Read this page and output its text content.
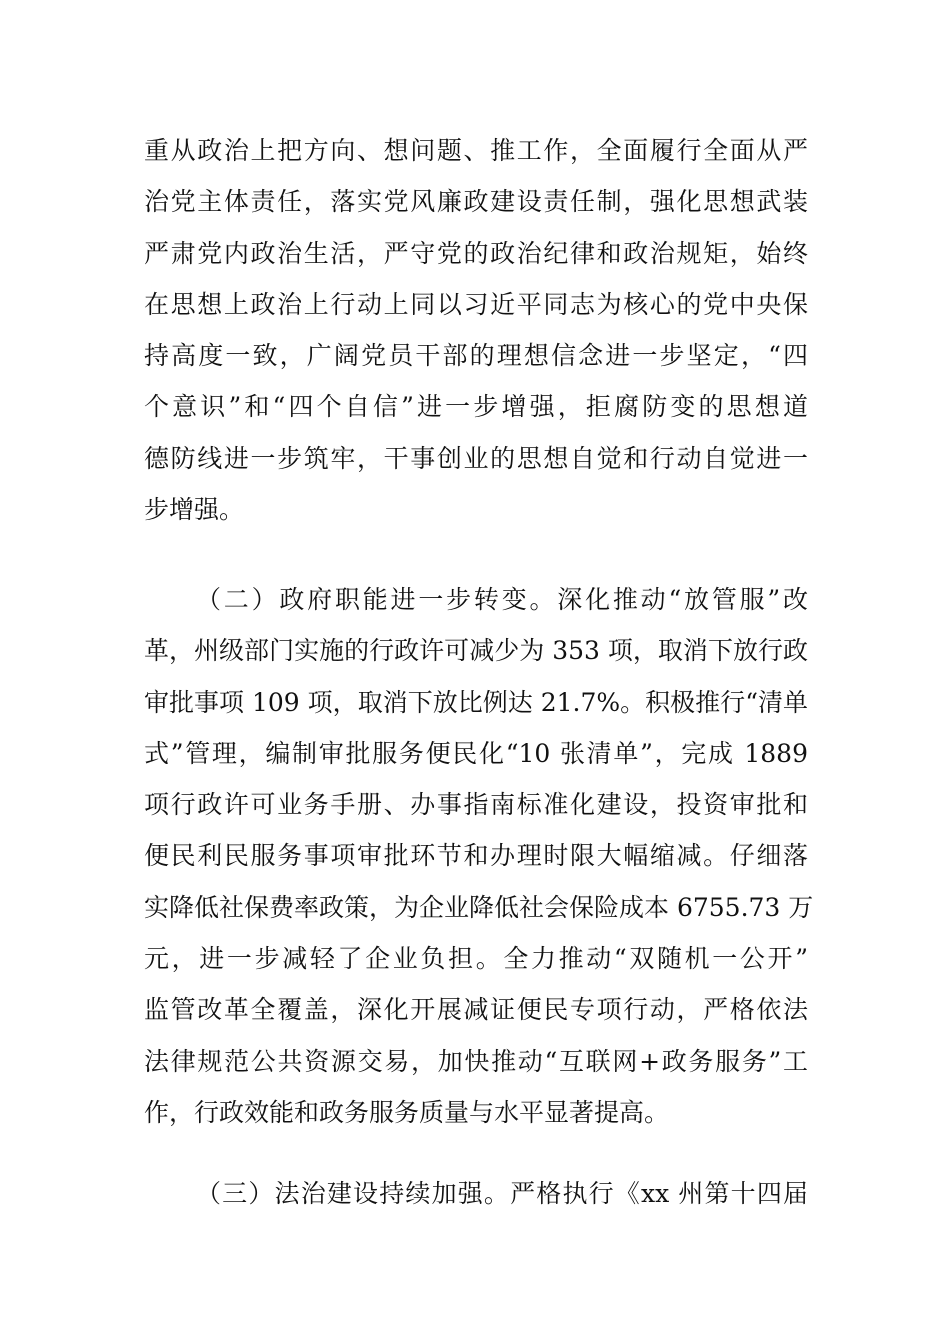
重从政治上把方向、想问题、推工作，全面履行全面从严
治党主体责任，落实党风廉政建设责任制，强化思想武装
严肃党内政治生活，严守党的政治纪律和政治规矩，始终
在思想上政治上行动上同以习近平同志为核心的党中央保
持高度一致，广阔党员干部的理想信念进一步坚定，“四
个意识”和“四个自信”进一步增强，拒腐防变的思想道
德防线进一步筑牢，干事创业的思想自觉和行动自觉进一
步增强。
（二）政府职能进一步转变。深化推动“放管服”改
革，州级部门实施的行政许可减少为 353 项，取消下放行政
审批事项 109 项，取消下放比例达 21.7%。积极推行“清单
式”管理，编制审批服务便民化“10 张清单”，完成 1889
项行政许可业务手册、办事指南标准化建设，投资审批和
便民利民服务事项审批环节和办理时限大幅缩减。仔细落
实降低社保费率政策，为企业降低社会保险成本 6755.73 万
元，进一步减轻了企业负担。全力推动“双随机一公开”
监管改革全覆盖，深化开展减证便民专项行动，严格依法
法律规范公共资源交易，加快推动“互联网+政务服务”工
作，行政效能和政务服务质量与水平显著提高。
（三）法治建设持续加强。严格执行《xx 州第十四届
